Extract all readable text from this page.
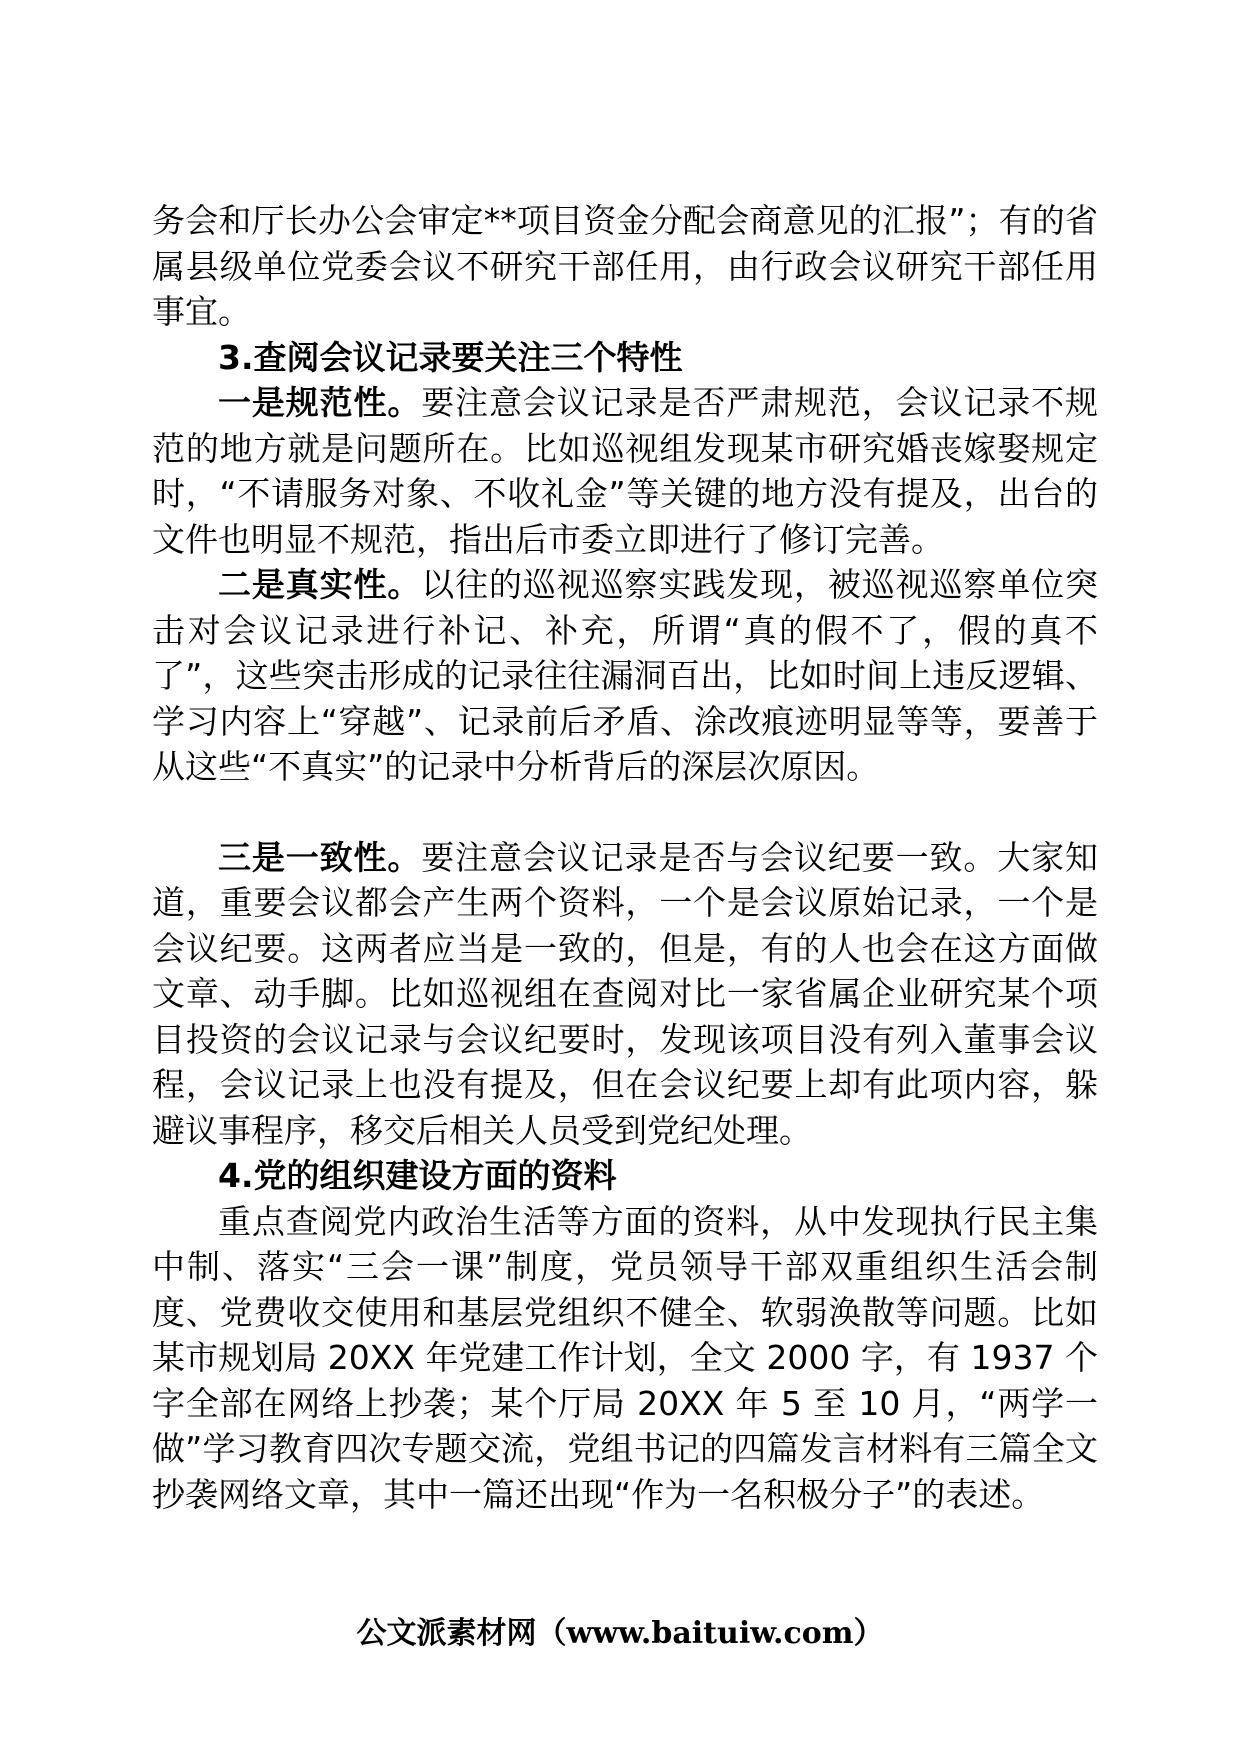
务会和厅长办公会审定**项目资金分配会商意见的汇报”；有的省属县级单位党委会议不研究干部任用，由行政会议研究干部任用事宜。

3.查阅会议记录要关注三个特性

一是规范性。要注意会议记录是否严肃规范，会议记录不规范的地方就是问题所在。比如巡视组发现某市研究婚丧嫁娶规定时，“不请服务对象、不收礼金”等关键的地方没有提及，出台的文件也明显不规范，指出后市委立即进行了修订完善。

二是真实性。以往的巡视巡察实践发现，被巡视巡察单位突击对会议记录进行补记、补充，所谓“真的假不了，假的真不了”，这些突击形成的记录往往漏洞百出，比如时间上违反逻辑、学习内容上“穿越”、记录前后矛盾、涂改痕迹明显等等，要善于从这些“不真实”的记录中分析背后的深层次原因。

三是一致性。要注意会议记录是否与会议纪要一致。大家知道，重要会议都会产生两个资料，一个是会议原始记录，一个是会议纪要。这两者应当是一致的，但是，有的人也会在这方面做文章、动手脚。比如巡视组在查阅对比一家省属企业研究某个项目投资的会议记录与会议纪要时，发现该项目没有列入董事会议程，会议记录上也没有提及，但在会议纪要上却有此项内容，躲避议事程序，移交后相关人员受到党纪处理。

4.党的组织建设方面的资料

重点查阅党内政治生活等方面的资料，从中发现执行民主集中制、落实“三会一课”制度，党员领导干部双重组织生活会制度、党费收交使用和基层党组织不健全、软弱涣散等问题。比如某市规划局 20XX 年党建工作计划，全文 2000 字，有 1937 个字全部在网络上抄袭；某个厅局 20XX 年 5 至 10 月，“两学一做”学习教育四次专题交流，党组书记的四篇发言材料有三篇全文抄袭网络文章，其中一篇还出现“作为一名积极分子”的表述。

公文派素材网（www.baituiw.com）
